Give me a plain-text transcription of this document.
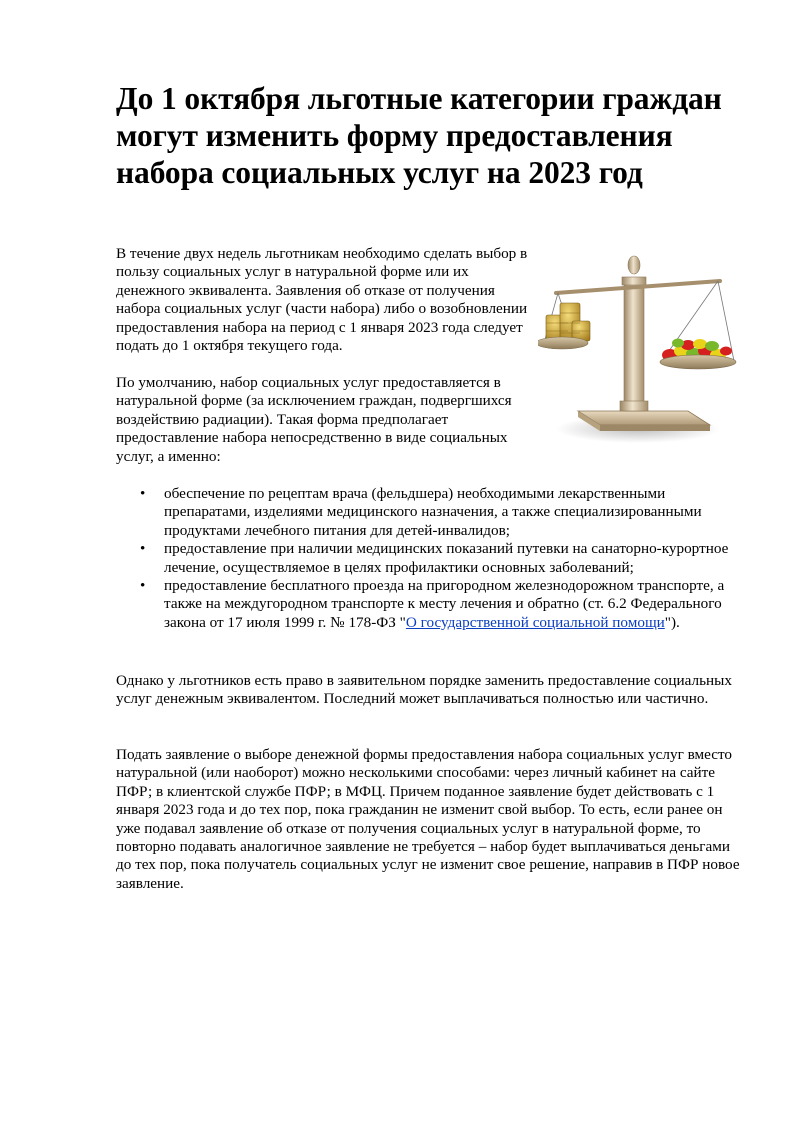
До 1 октября льготные категории граждан могут изменить форму предоставления набора социальных услуг на 2023 год

В течение двух недель льготникам необходимо сделать выбор в пользу социальных услуг в натуральной форме или их денежного эквивалента. Заявления об отказе от получения набора социальных услуг (части набора) либо о возобновлении предоставления набора на период с 1 января 2023 года следует подать до 1 октября текущего года.

По умолчанию, набор социальных услуг предоставляется в натуральной форме (за исключением граждан, подвергшихся воздействию радиации). Такая форма предполагает предоставление набора непосредственно в виде социальных услуг, а именно:

• обеспечение по рецептам врача (фельдшера) необходимыми лекарственными препаратами, изделиями медицинского назначения, а также специализированными продуктами лечебного питания для детей-инвалидов;
• предоставление при наличии медицинских показаний путевки на санаторно-курортное лечение, осуществляемое в целях профилактики основных заболеваний;
• предоставление бесплатного проезда на пригородном железнодорожном транспорте, а также на междугородном транспорте к месту лечения и обратно (ст. 6.2 Федерального закона от 17 июля 1999 г. № 178-ФЗ "О государственной социальной помощи").

Однако у льготников есть право в заявительном порядке заменить предоставление социальных услуг денежным эквивалентом. Последний может выплачиваться полностью или частично.

Подать заявление о выборе денежной формы предоставления набора социальных услуг вместо натуральной (или наоборот) можно несколькими способами: через личный кабинет на сайте ПФР; в клиентской службе ПФР; в МФЦ. Причем поданное заявление будет действовать с 1 января 2023 года и до тех пор, пока гражданин не изменит свой выбор. То есть, если ранее он уже подавал заявление об отказе от получения социальных услуг в натуральной форме, то повторно подавать аналогичное заявление не требуется – набор будет выплачиваться деньгами до тех пор, пока получатель социальных услуг не изменит свое решение, направив в ПФР новое заявление.
